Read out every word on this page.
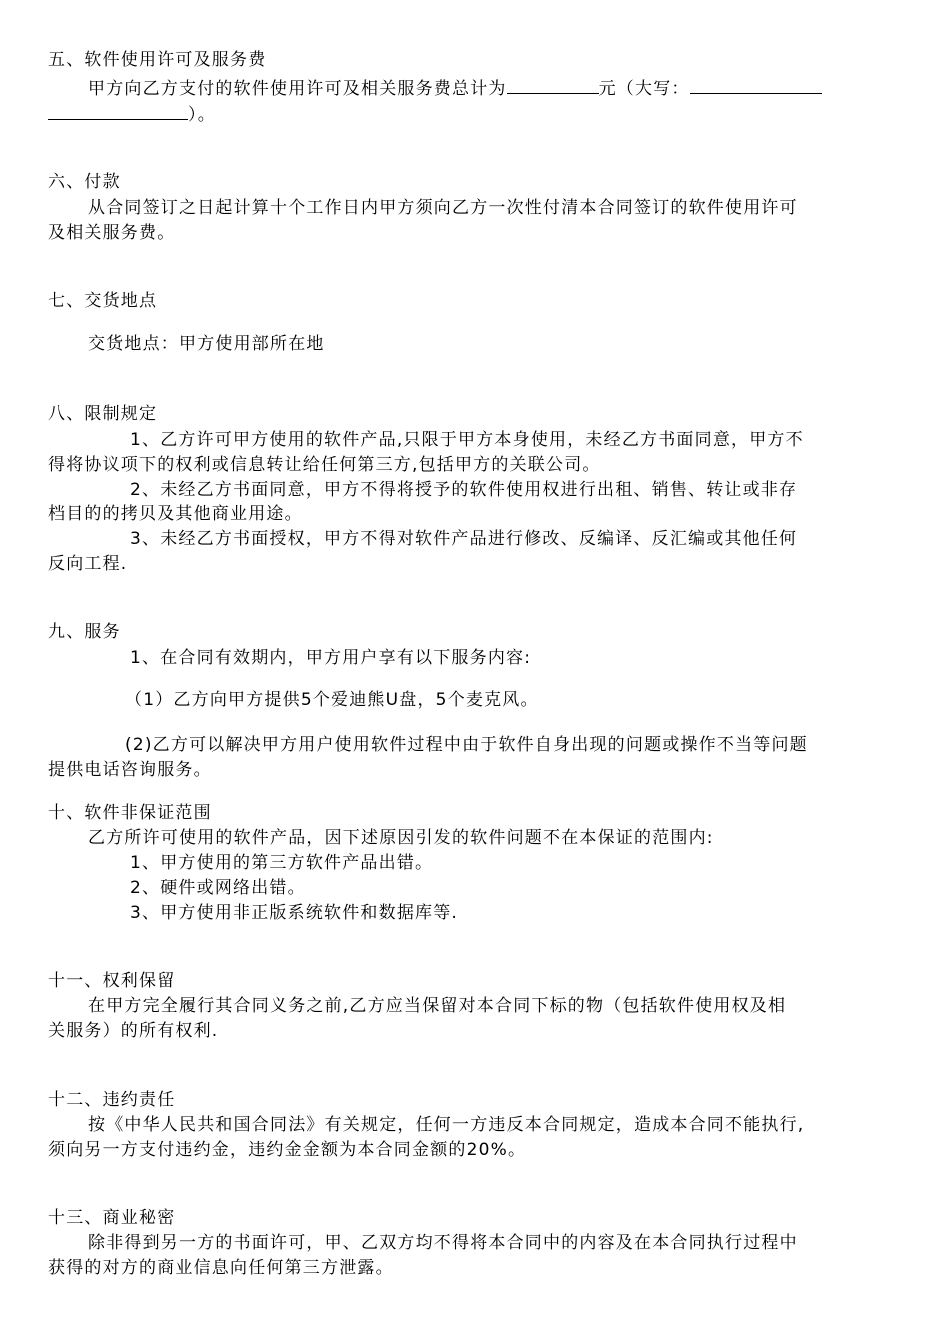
五、软件使用许可及服务费
甲方向乙方支付的软件使用许可及相关服务费总计为	元（大写：
）。
六、付款
从合同签订之日起计算十个工作日内甲方须向乙方一次性付清本合同签订的软件使用许可
及相关服务费。
七、交货地点
交货地点：甲方使用部所在地
八、限制规定
1、乙方许可甲方使用的软件产品,只限于甲方本身使用，未经乙方书面同意，甲方不
得将协议项下的权利或信息转让给任何第三方,包括甲方的关联公司。
2、未经乙方书面同意，甲方不得将授予的软件使用权进行出租、销售、转让或非存
档目的的拷贝及其他商业用途。
3、未经乙方书面授权，甲方不得对软件产品进行修改、反编译、反汇编或其他任何
反向工程.
九、服务
1、在合同有效期内，甲方用户享有以下服务内容:
（1）乙方向甲方提供5个爱迪熊U盘，5个麦克风。
(2)乙方可以解决甲方用户使用软件过程中由于软件自身出现的问题或操作不当等问题
提供电话咨询服务。
十、软件非保证范围
乙方所许可使用的软件产品，因下述原因引发的软件问题不在本保证的范围内:
1、甲方使用的第三方软件产品出错。
2、硬件或网络出错。
3、甲方使用非正版系统软件和数据库等.
十一、权利保留
在甲方完全履行其合同义务之前,乙方应当保留对本合同下标的物（包括软件使用权及相
关服务）的所有权利.
十二、违约责任
按《中华人民共和国合同法》有关规定，任何一方违反本合同规定，造成本合同不能执行,
须向另一方支付违约金，违约金金额为本合同金额的20%。
十三、商业秘密
除非得到另一方的书面许可，甲、乙双方均不得将本合同中的内容及在本合同执行过程中
获得的对方的商业信息向任何第三方泄露。
